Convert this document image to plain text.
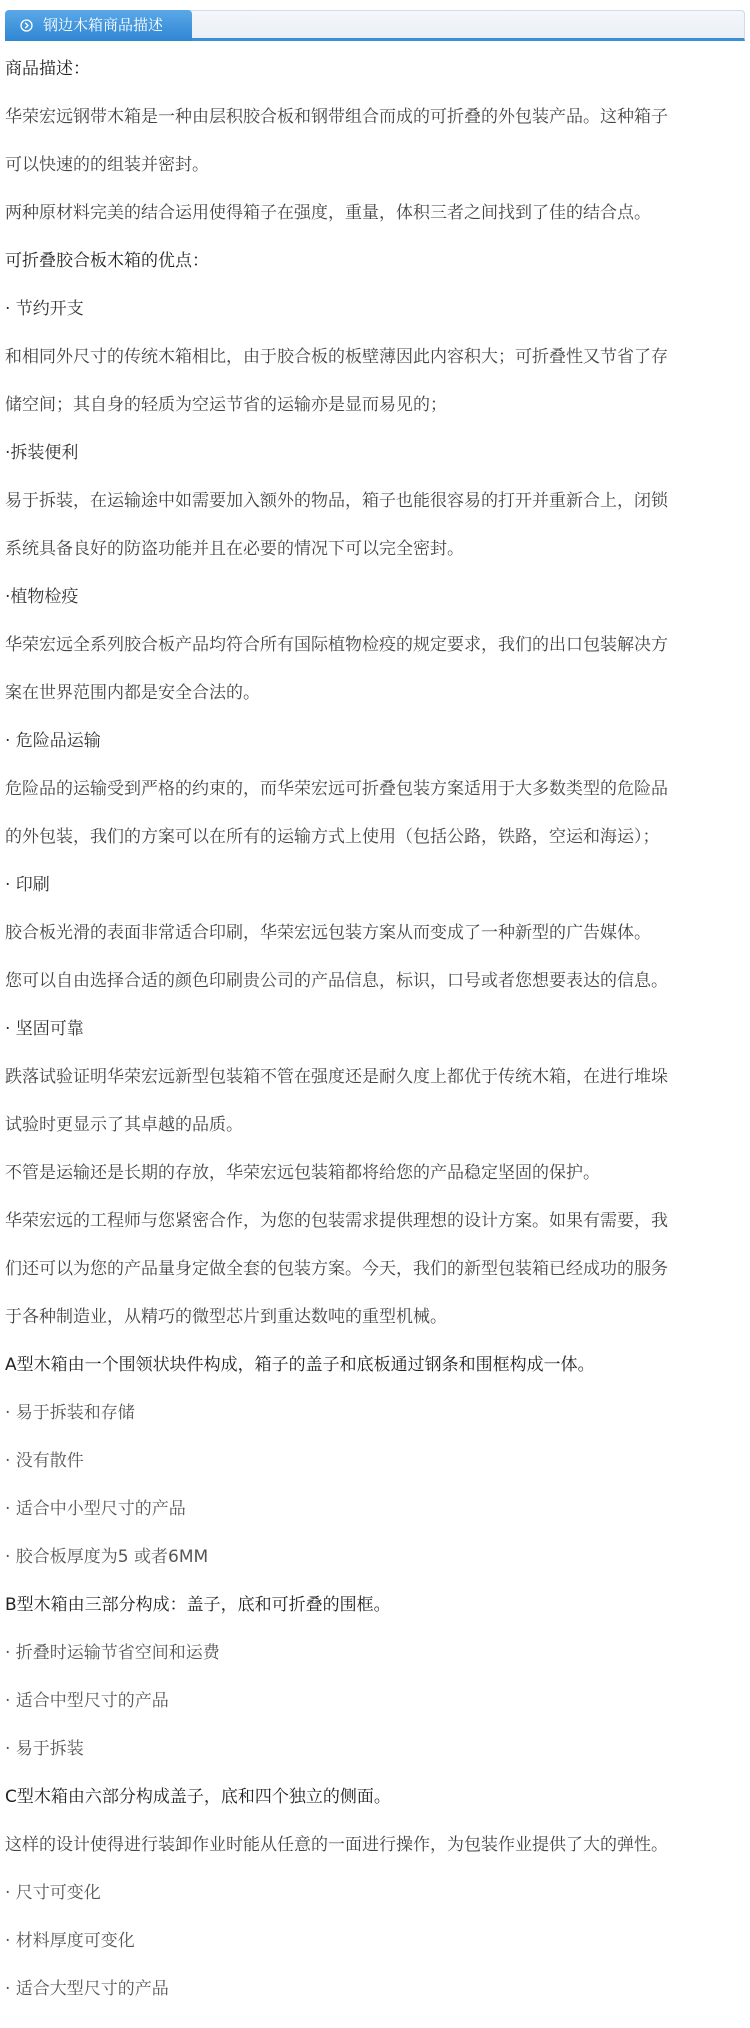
钢边木箱商品描述

商品描述：

华荣宏远钢带木箱是一种由层积胶合板和钢带组合而成的可折叠的外包装产品。这种箱子

可以快速的的组装并密封。

两种原材料完美的结合运用使得箱子在强度，重量，体积三者之间找到了佳的结合点。

可折叠胶合板木箱的优点：

· 节约开支

和相同外尺寸的传统木箱相比，由于胶合板的板壁薄因此内容积大；可折叠性又节省了存

储空间；其自身的轻质为空运节省的运输亦是显而易见的；

·拆装便利

易于拆装，在运输途中如需要加入额外的物品，箱子也能很容易的打开并重新合上，闭锁

系统具备良好的防盗功能并且在必要的情况下可以完全密封。

·植物检疫

华荣宏远全系列胶合板产品均符合所有国际植物检疫的规定要求，我们的出口包装解决方

案在世界范围内都是安全合法的。

· 危险品运输

危险品的运输受到严格的约束的，而华荣宏远可折叠包装方案适用于大多数类型的危险品

的外包装，我们的方案可以在所有的运输方式上使用（包括公路，铁路，空运和海运）；

· 印刷

胶合板光滑的表面非常适合印刷，华荣宏远包装方案从而变成了一种新型的广告媒体。

您可以自由选择合适的颜色印刷贵公司的产品信息，标识，口号或者您想要表达的信息。

· 坚固可靠

跌落试验证明华荣宏远新型包装箱不管在强度还是耐久度上都优于传统木箱，在进行堆垛

试验时更显示了其卓越的品质。

不管是运输还是长期的存放，华荣宏远包装箱都将给您的产品稳定坚固的保护。

华荣宏远的工程师与您紧密合作，为您的包装需求提供理想的设计方案。如果有需要，我

们还可以为您的产品量身定做全套的包装方案。今天，我们的新型包装箱已经成功的服务

于各种制造业，从精巧的微型芯片到重达数吨的重型机械。

A型木箱由一个围领状块件构成，箱子的盖子和底板通过钢条和围框构成一体。

· 易于拆装和存储

· 没有散件

· 适合中小型尺寸的产品

· 胶合板厚度为5 或者6MM

B型木箱由三部分构成：盖子，底和可折叠的围框。

· 折叠时运输节省空间和运费

· 适合中型尺寸的产品

· 易于拆装

C型木箱由六部分构成盖子，底和四个独立的侧面。

这样的设计使得进行装卸作业时能从任意的一面进行操作，为包装作业提供了大的弹性。

· 尺寸可变化

· 材料厚度可变化

· 适合大型尺寸的产品
